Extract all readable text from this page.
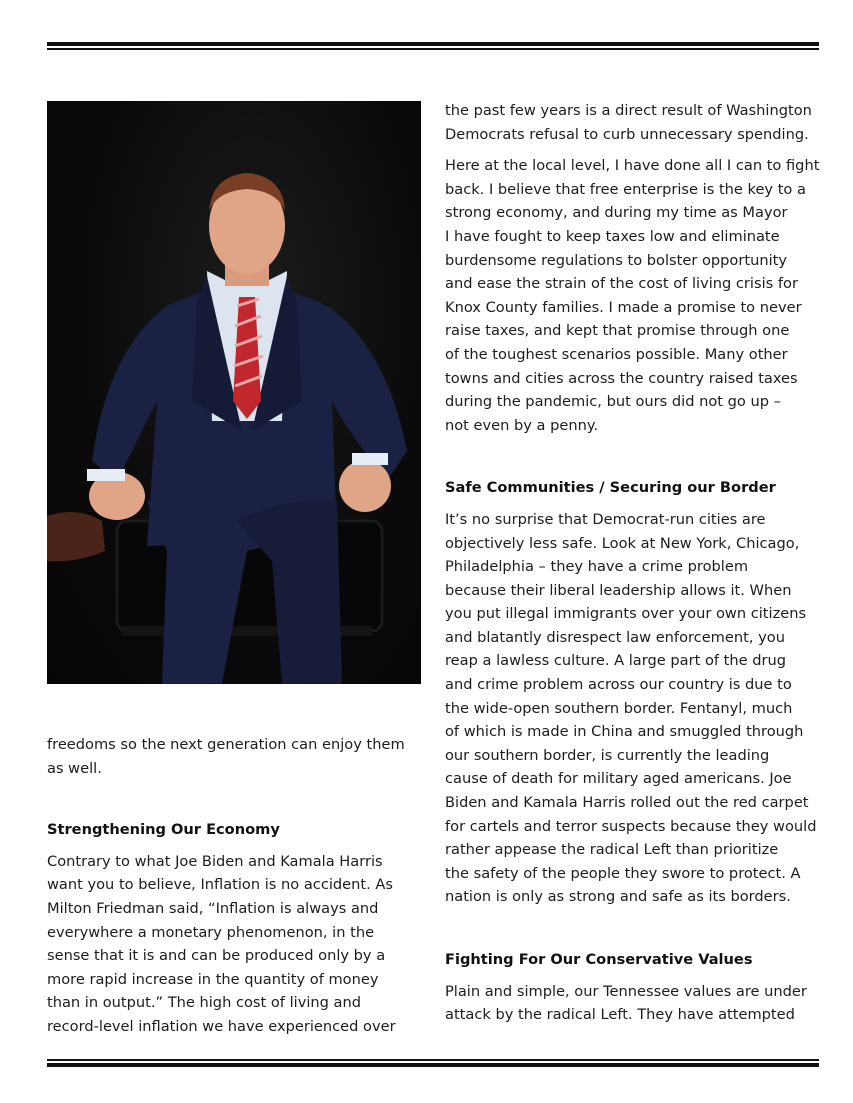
freedoms so the next generation can enjoy them
as well.

Strengthening Our Economy

Contrary to what Joe Biden and Kamala Harris
want you to believe, Inflation is no accident. As
Milton Friedman said, “Inflation is always and
everywhere a monetary phenomenon, in the
sense that it is and can be produced only by a
more rapid increase in the quantity of money
than in output.” The high cost of living and
record-level inflation we have experienced over

the past few years is a direct result of Washington
Democrats refusal to curb unnecessary spending.

Here at the local level, I have done all I can to fight
back. I believe that free enterprise is the key to a
strong economy, and during my time as Mayor
I have fought to keep taxes low and eliminate
burdensome regulations to bolster opportunity
and ease the strain of the cost of living crisis for
Knox County families. I made a promise to never
raise taxes, and kept that promise through one
of the toughest scenarios possible. Many other
towns and cities across the country raised taxes
during the pandemic, but ours did not go up –
not even by a penny.

Safe Communities / Securing our Border

It’s no surprise that Democrat-run cities are
objectively less safe. Look at New York, Chicago,
Philadelphia – they have a crime problem
because their liberal leadership allows it. When
you put illegal immigrants over your own citizens
and blatantly disrespect law enforcement, you
reap a lawless culture. A large part of the drug
and crime problem across our country is due to
the wide-open southern border. Fentanyl, much
of which is made in China and smuggled through
our southern border, is currently the leading
cause of death for military aged americans. Joe
Biden and Kamala Harris rolled out the red carpet
for cartels and terror suspects because they would
rather appease the radical Left than prioritize
the safety of the people they swore to protect. A
nation is only as strong and safe as its borders.

Fighting For Our Conservative Values

Plain and simple, our Tennessee values are under
attack by the radical Left. They have attempted
